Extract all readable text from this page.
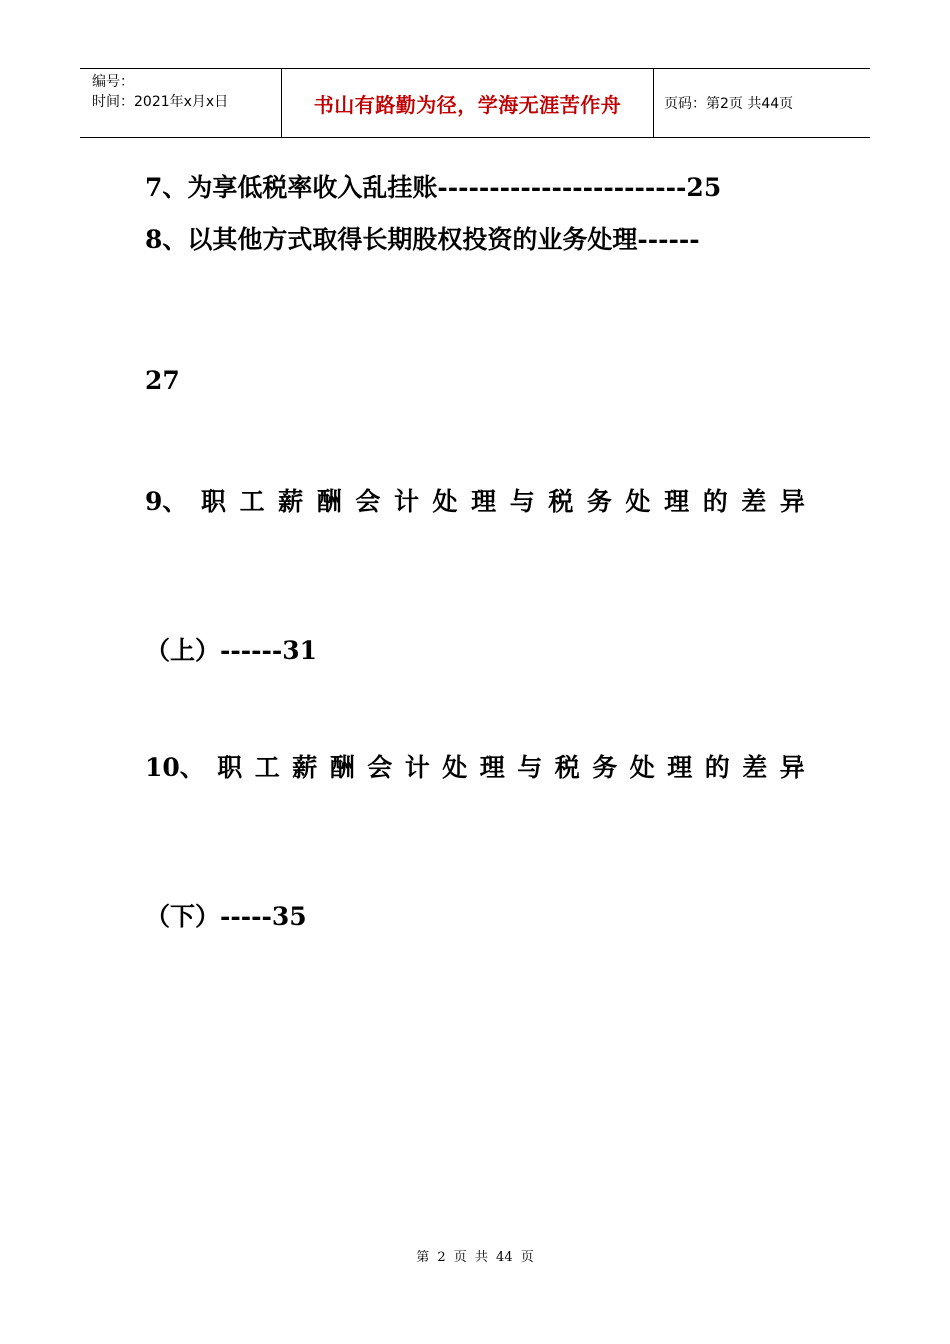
编号：
时间：2021年x月x日	书山有路勤为径，学海无涯苦作舟	页码：第2页 共44页
7、为享低税率收入乱挂账------------------------25
8、以其他方式取得长期股权投资的业务处理------
27
9、 职 工 薪 酬 会 计 处 理 与 税 务 处 理 的 差 异
（上）------31
10、 职 工 薪 酬 会 计 处 理 与 税 务 处 理 的 差 异
（下）-----35
第 2 页 共 44 页
